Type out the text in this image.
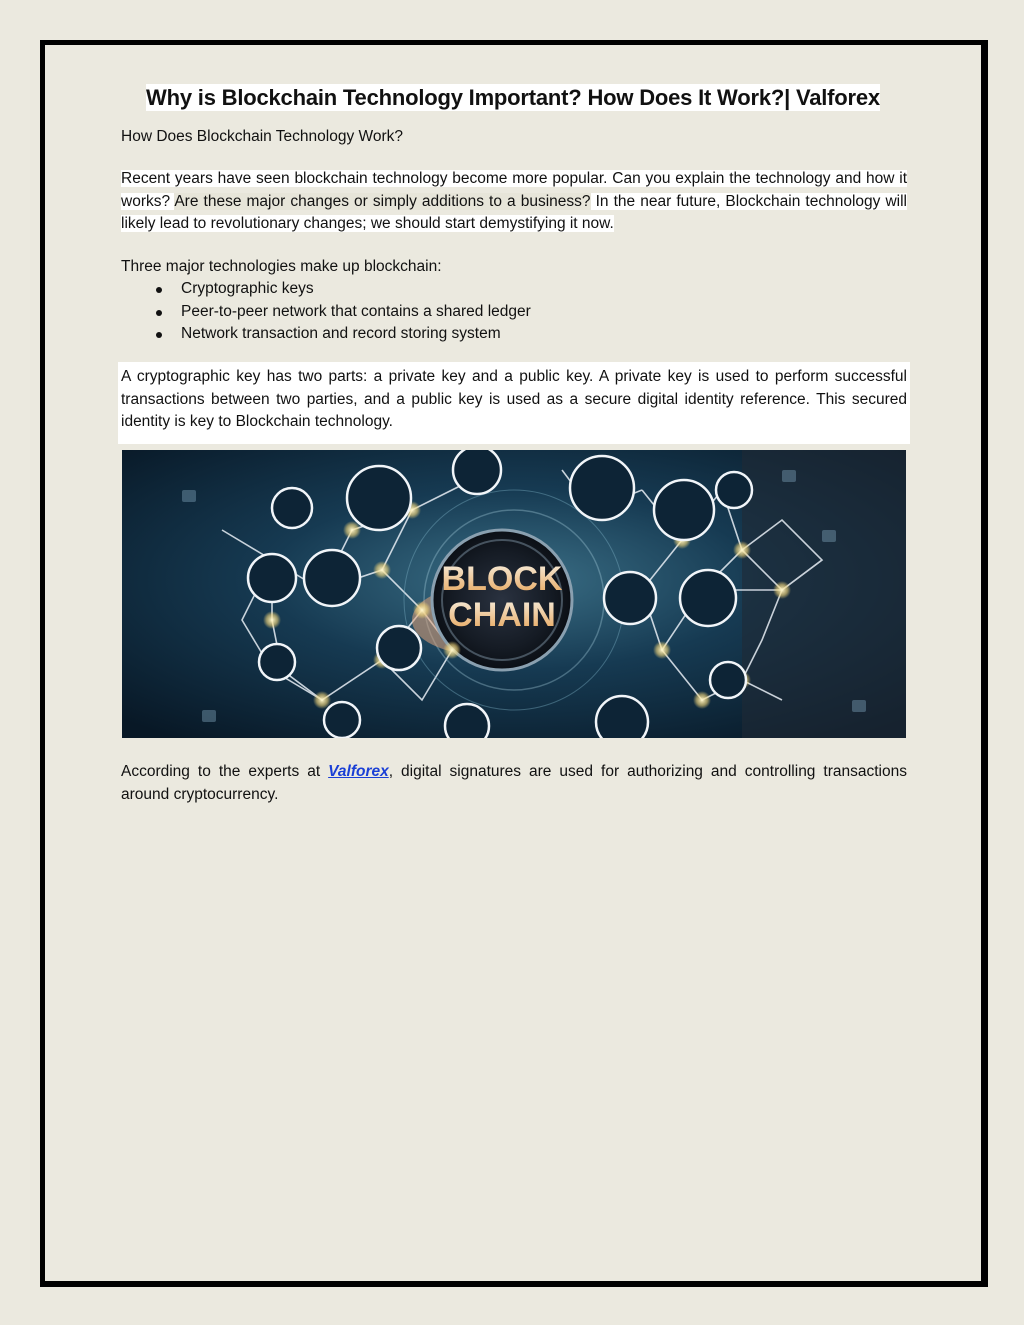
Why is Blockchain Technology Important? How Does It Work?| Valforex
How Does Blockchain Technology Work?
Recent years have seen blockchain technology become more popular. Can you explain the technology and how it works? Are these major changes or simply additions to a business? In the near future, Blockchain technology will likely lead to revolutionary changes; we should start demystifying it now.
Three major technologies make up blockchain:
Cryptographic keys
Peer-to-peer network that contains a shared ledger
Network transaction and record storing system
A cryptographic key has two parts: a private key and a public key. A private key is used to perform successful transactions between two parties, and a public key is used as a secure digital identity reference. This secured identity is key to Blockchain technology.
According to the experts at Valforex, digital signatures are used for authorizing and controlling transactions around cryptocurrency.
BLOCK
CHAIN
